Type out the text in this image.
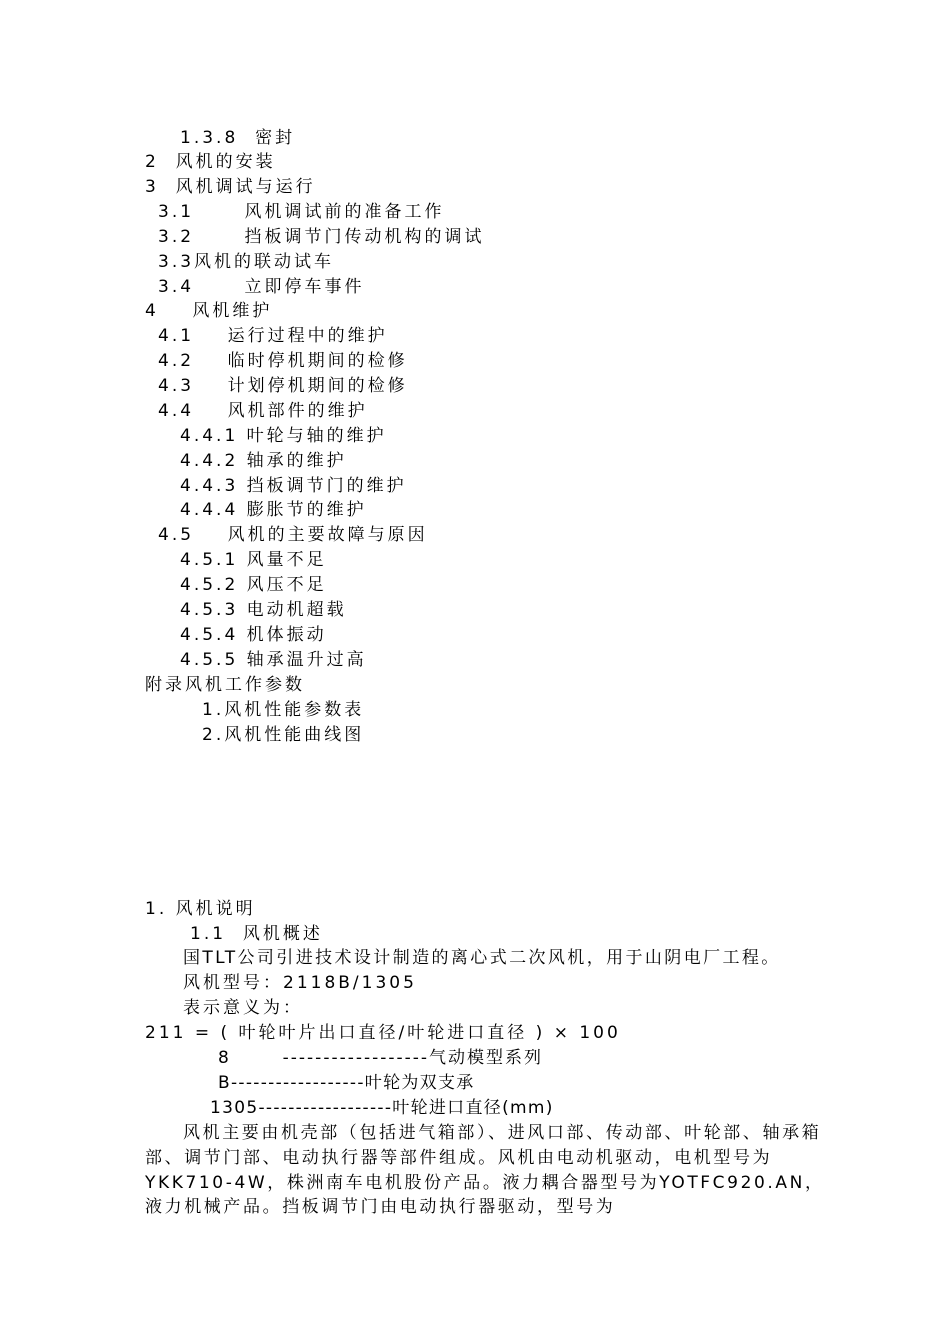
1.3.8  密封
2  风机的安装
3  风机调试与运行
3.1      风机调试前的准备工作
3.2      挡板调节门传动机构的调试
3.3风机的联动试车
3.4      立即停车事件
4    风机维护
4.1    运行过程中的维护
4.2    临时停机期间的检修
4.3    计划停机期间的检修
4.4    风机部件的维护
4.4.1 叶轮与轴的维护
4.4.2 轴承的维护
4.4.3 挡板调节门的维护
4.4.4 膨胀节的维护
4.5    风机的主要故障与原因
4.5.1 风量不足
4.5.2 风压不足
4.5.3 电动机超载
4.5.4 机体振动
4.5.5 轴承温升过高
附录风机工作参数
1.风机性能参数表
2.风机性能曲线图
1. 风机说明
1.1  风机概述
国TLT公司引进技术设计制造的离心式二次风机，用于山阴电厂工程。
风机型号：2118B/1305
表示意义为：
211 = ( 叶轮叶片出口直径/叶轮进口直径 ) × 100
8       ------------------气动模型系列
B------------------叶轮为双支承
1305------------------叶轮进口直径(mm)
风机主要由机壳部（包括进气箱部）、进风口部、传动部、叶轮部、轴承箱部、调节门部、电动执行器等部件组成。风机由电动机驱动，电机型号为YKK710-4W，株洲南车电机股份产品。液力耦合器型号为YOTFC920.AN，液力机械产品。挡板调节门由电动执行器驱动，型号为
